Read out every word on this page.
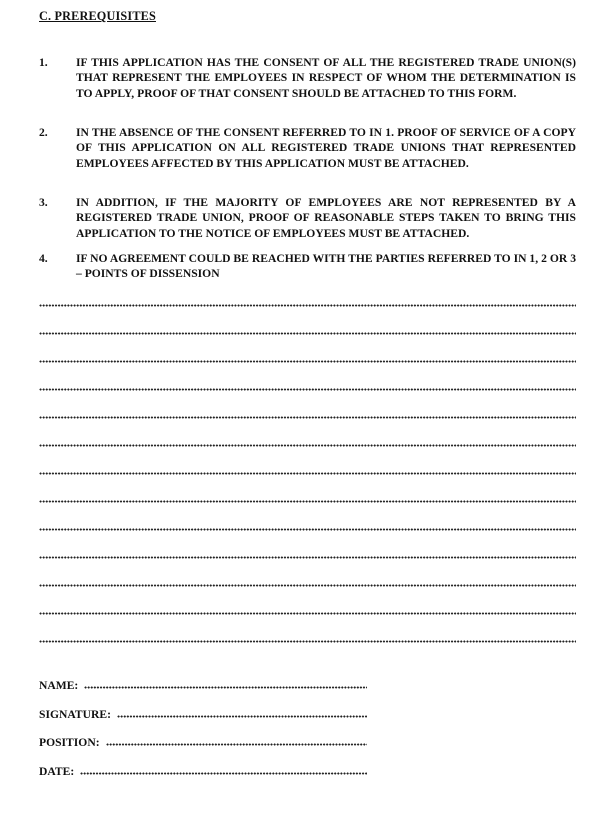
C. PREREQUISITES
1.	IF THIS APPLICATION HAS THE CONSENT OF ALL THE REGISTERED TRADE UNION(S) THAT REPRESENT THE EMPLOYEES IN RESPECT OF WHOM THE DETERMINATION IS TO APPLY, PROOF OF THAT CONSENT SHOULD BE ATTACHED TO THIS FORM.
2.	IN THE ABSENCE OF THE CONSENT REFERRED TO IN 1. PROOF OF SERVICE OF A COPY OF THIS APPLICATION ON ALL REGISTERED TRADE UNIONS THAT REPRESENTED EMPLOYEES AFFECTED BY THIS APPLICATION MUST BE ATTACHED.
3.	IN ADDITION, IF THE MAJORITY OF EMPLOYEES ARE NOT REPRESENTED BY A REGISTERED TRADE UNION, PROOF OF REASONABLE STEPS TAKEN TO BRING THIS APPLICATION TO THE NOTICE OF EMPLOYEES MUST BE ATTACHED.
4.	IF NO AGREEMENT COULD BE REACHED WITH THE PARTIES REFERRED TO IN 1, 2 OR 3 – POINTS OF DISSENSION
NAME:
SIGNATURE:
POSITION:
DATE:
